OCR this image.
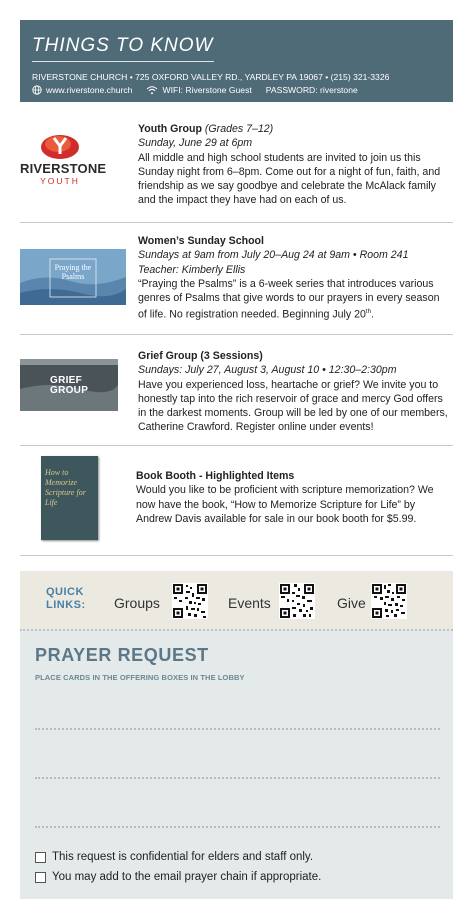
THINGS TO KNOW
RIVERSTONE CHURCH • 725 OXFORD VALLEY RD., YARDLEY PA 19067 • (215) 321-3326
www.riverstone.church	WIFI: Riverstone Guest PASSWORD: riverstone
RIVERSTONE
YOUTH
Youth Group (Grades 7–12)
Sunday, June 29 at 6pm
All middle and high school students are invited to join us this Sunday night from 6–8pm. Come out for a night of fun, faith, and friendship as we say goodbye and celebrate the McAlack family and the impact they have had on each of us.
Praying the Psalms
Women’s Sunday School
Sundays at 9am from July 20–Aug 24 at 9am • Room 241
Teacher: Kimberly Ellis
“Praying the Psalms” is a 6-week series that introduces various genres of Psalms that give words to our prayers in every season of life. No registration needed. Beginning July 20th.
GRIEF
GROUP
Grief Group (3 Sessions)
Sundays: July 27, August 3, August 10 • 12:30–2:30pm
Have you experienced loss, heartache or grief? We invite you to honestly tap into the rich reservoir of grace and mercy God offers in the darkest moments. Group will be led by one of our members, Catherine Crawford. Register online under events!
How to Memorize Scripture for Life
Book Booth - Highlighted Items
Would you like to be proficient with scripture memorization? We now have the book, “How to Memorize Scripture for Life” by Andrew Davis available for sale in our book booth for $5.99.
QUICK
LINKS: Groups	Events	Give
PRAYER REQUEST
PLACE CARDS IN THE OFFERING BOXES IN THE LOBBY
This request is confidential for elders and staff only.
You may add to the email prayer chain if appropriate.
